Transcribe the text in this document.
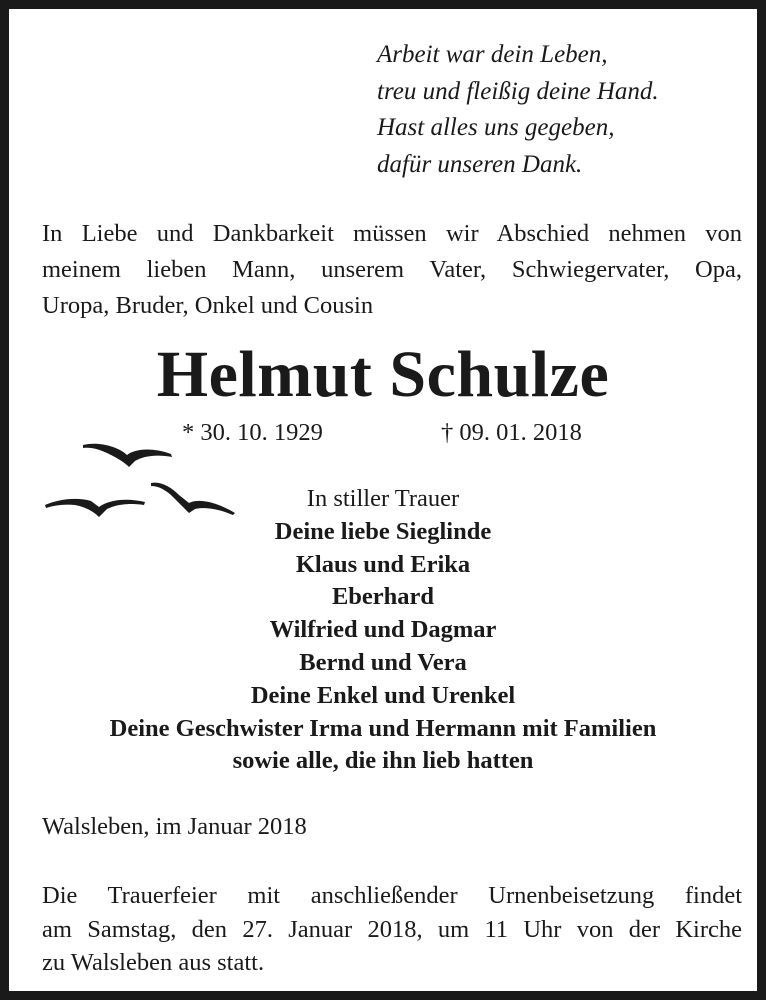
Arbeit war dein Leben,
treu und fleißig deine Hand.
Hast alles uns gegeben,
dafür unseren Dank.
In Liebe und Dankbarkeit müssen wir Abschied nehmen von
meinem lieben Mann, unserem Vater, Schwiegervater, Opa,
Uropa, Bruder, Onkel und Cousin
Helmut Schulze
* 30. 10. 1929	† 09. 01. 2018
In stiller Trauer
Deine liebe Sieglinde
Klaus und Erika
Eberhard
Wilfried und Dagmar
Bernd und Vera
Deine Enkel und Urenkel
Deine Geschwister Irma und Hermann mit Familien
sowie alle, die ihn lieb hatten
Walsleben, im Januar 2018
Die Trauerfeier mit anschließender Urnenbeisetzung findet
am Samstag, den 27. Januar 2018, um 11 Uhr von der Kirche
zu Walsleben aus statt.
